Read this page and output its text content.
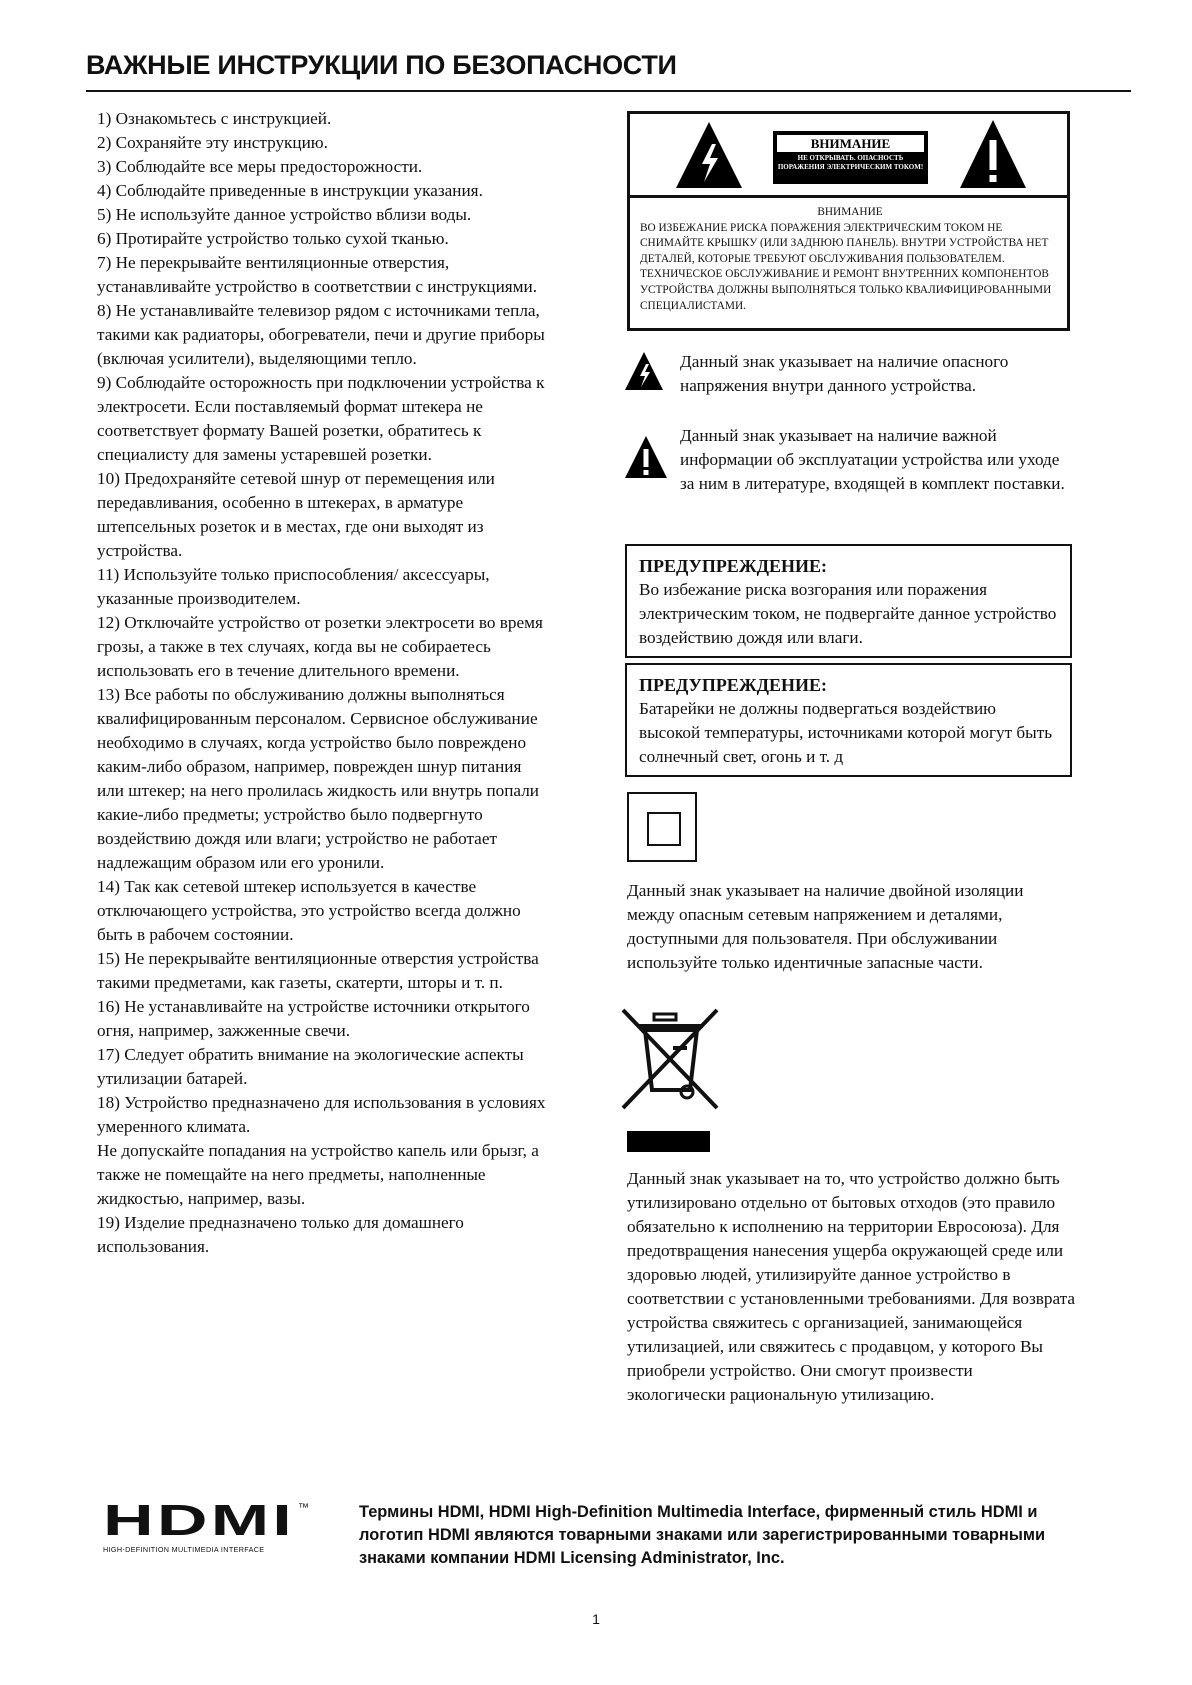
ВАЖНЫЕ ИНСТРУКЦИИ ПО БЕЗОПАСНОСТИ

1) Ознакомьтесь с инструкцией.

2) Сохраняйте эту инструкцию.

3) Соблюдайте все меры предосторожности.

4) Соблюдайте приведенные в инструкции указания.

5) Не используйте данное устройство вблизи воды.

6) Протирайте устройство только сухой тканью.

7) Не перекрывайте вентиляционные отверстия, устанавливайте устройство в соответствии с инструкциями.

8) Не устанавливайте телевизор рядом с источниками тепла, такими как радиаторы, обогреватели, печи и другие приборы (включая усилители), выделяющими тепло.

9) Соблюдайте осторожность при подключении устройства к электросети. Если поставляемый формат штекера не соответствует формату Вашей розетки, обратитесь к специалисту для замены устаревшей розетки.

10) Предохраняйте сетевой шнур от перемещения или передавливания, особенно в штекерах, в арматуре штепсельных розеток и в местах, где они выходят из устройства.

11) Используйте только приспособления/ аксессуары, указанные производителем.

12) Отключайте устройство от розетки электросети во время грозы, а также в тех случаях, когда вы не собираетесь использовать его в течение длительного времени.

13) Все работы по обслуживанию должны выполняться квалифицированным персоналом. Сервисное обслуживание необходимо в случаях, когда устройство было повреждено каким-либо образом, например, поврежден шнур питания или штекер; на него пролилась жидкость или внутрь попали какие-либо предметы; устройство было подвергнуто воздействию дождя или влаги; устройство не работает надлежащим образом или его уронили.

14) Так как сетевой штекер используется в качестве отключающего устройства, это устройство всегда должно быть в рабочем состоянии.

15) Не перекрывайте вентиляционные отверстия устройства такими предметами, как газеты, скатерти, шторы и т. п.

16) Не устанавливайте на устройстве источники открытого огня, например, зажженные свечи.

17) Следует обратить внимание на экологические аспекты утилизации батарей.

18) Устройство предназначено для использования в условиях умеренного климата.

Не допускайте попадания на устройство капель или брызг, а также не помещайте на него предметы, наполненные жидкостью, например, вазы.

19) Изделие предназначено только для домашнего использования.

ВНИМАНИЕ
НЕ ОТКРЫВАТЬ. ОПАСНОСТЬ ПОРАЖЕНИЯ ЭЛЕКТРИЧЕСКИМ ТОКОМ!
ВНИМАНИЕ

ВО ИЗБЕЖАНИЕ РИСКА ПОРАЖЕНИЯ ЭЛЕКТРИЧЕСКИМ ТОКОМ НЕ СНИМАЙТЕ КРЫШКУ (ИЛИ ЗАДНЮЮ ПАНЕЛЬ). ВНУТРИ УСТРОЙСТВА НЕТ ДЕТАЛЕЙ, КОТОРЫЕ ТРЕБУЮТ ОБСЛУЖИВАНИЯ ПОЛЬЗОВАТЕЛЕМ. ТЕХНИЧЕСКОЕ ОБСЛУЖИВАНИЕ И РЕМОНТ ВНУТРЕННИХ КОМПОНЕНТОВ УСТРОЙСТВА ДОЛЖНЫ ВЫПОЛНЯТЬСЯ ТОЛЬКО КВАЛИФИЦИРОВАННЫМИ СПЕЦИАЛИСТАМИ.

Данный знак указывает на наличие опасного напряжения внутри данного устройства.
Данный знак указывает на наличие важной информации об эксплуатации устройства или уходе за ним в литературе, входящей в комплект поставки.
ПРЕДУПРЕЖДЕНИЕ:
Во избежание риска возгорания или поражения электрическим током, не подвергайте данное устройство воздействию дождя или влаги.
ПРЕДУПРЕЖДЕНИЕ:
Батарейки не должны подвергаться воздействию высокой температуры, источниками которой могут быть солнечный свет, огонь и т. д

Данный знак указывает на наличие двойной изоляции между опасным сетевым напряжением и деталями, доступными для пользователя. При обслуживании используйте только идентичные запасные части.

Данный знак указывает на то, что устройство должно быть утилизировано отдельно от бытовых отходов (это правило обязательно к исполнению на территории Евросоюза). Для предотвращения нанесения ущерба окружающей среде или здоровью людей, утилизируйте данное устройство в соответствии с установленными требованиями. Для возврата устройства свяжитесь с организацией, занимающейся утилизацией, или свяжитесь с продавцом, у которого Вы приобрели устройство. Они смогут произвести экологически рациональную утилизацию.

HDMI ™
HIGH-DEFINITION MULTIMEDIA INTERFACE

Термины HDMI, HDMI High-Definition Multimedia Interface, фирменный стиль HDMI и логотип HDMI являются товарными знаками или зарегистрированными товарными знаками компании HDMI Licensing Administrator, Inc.

1
